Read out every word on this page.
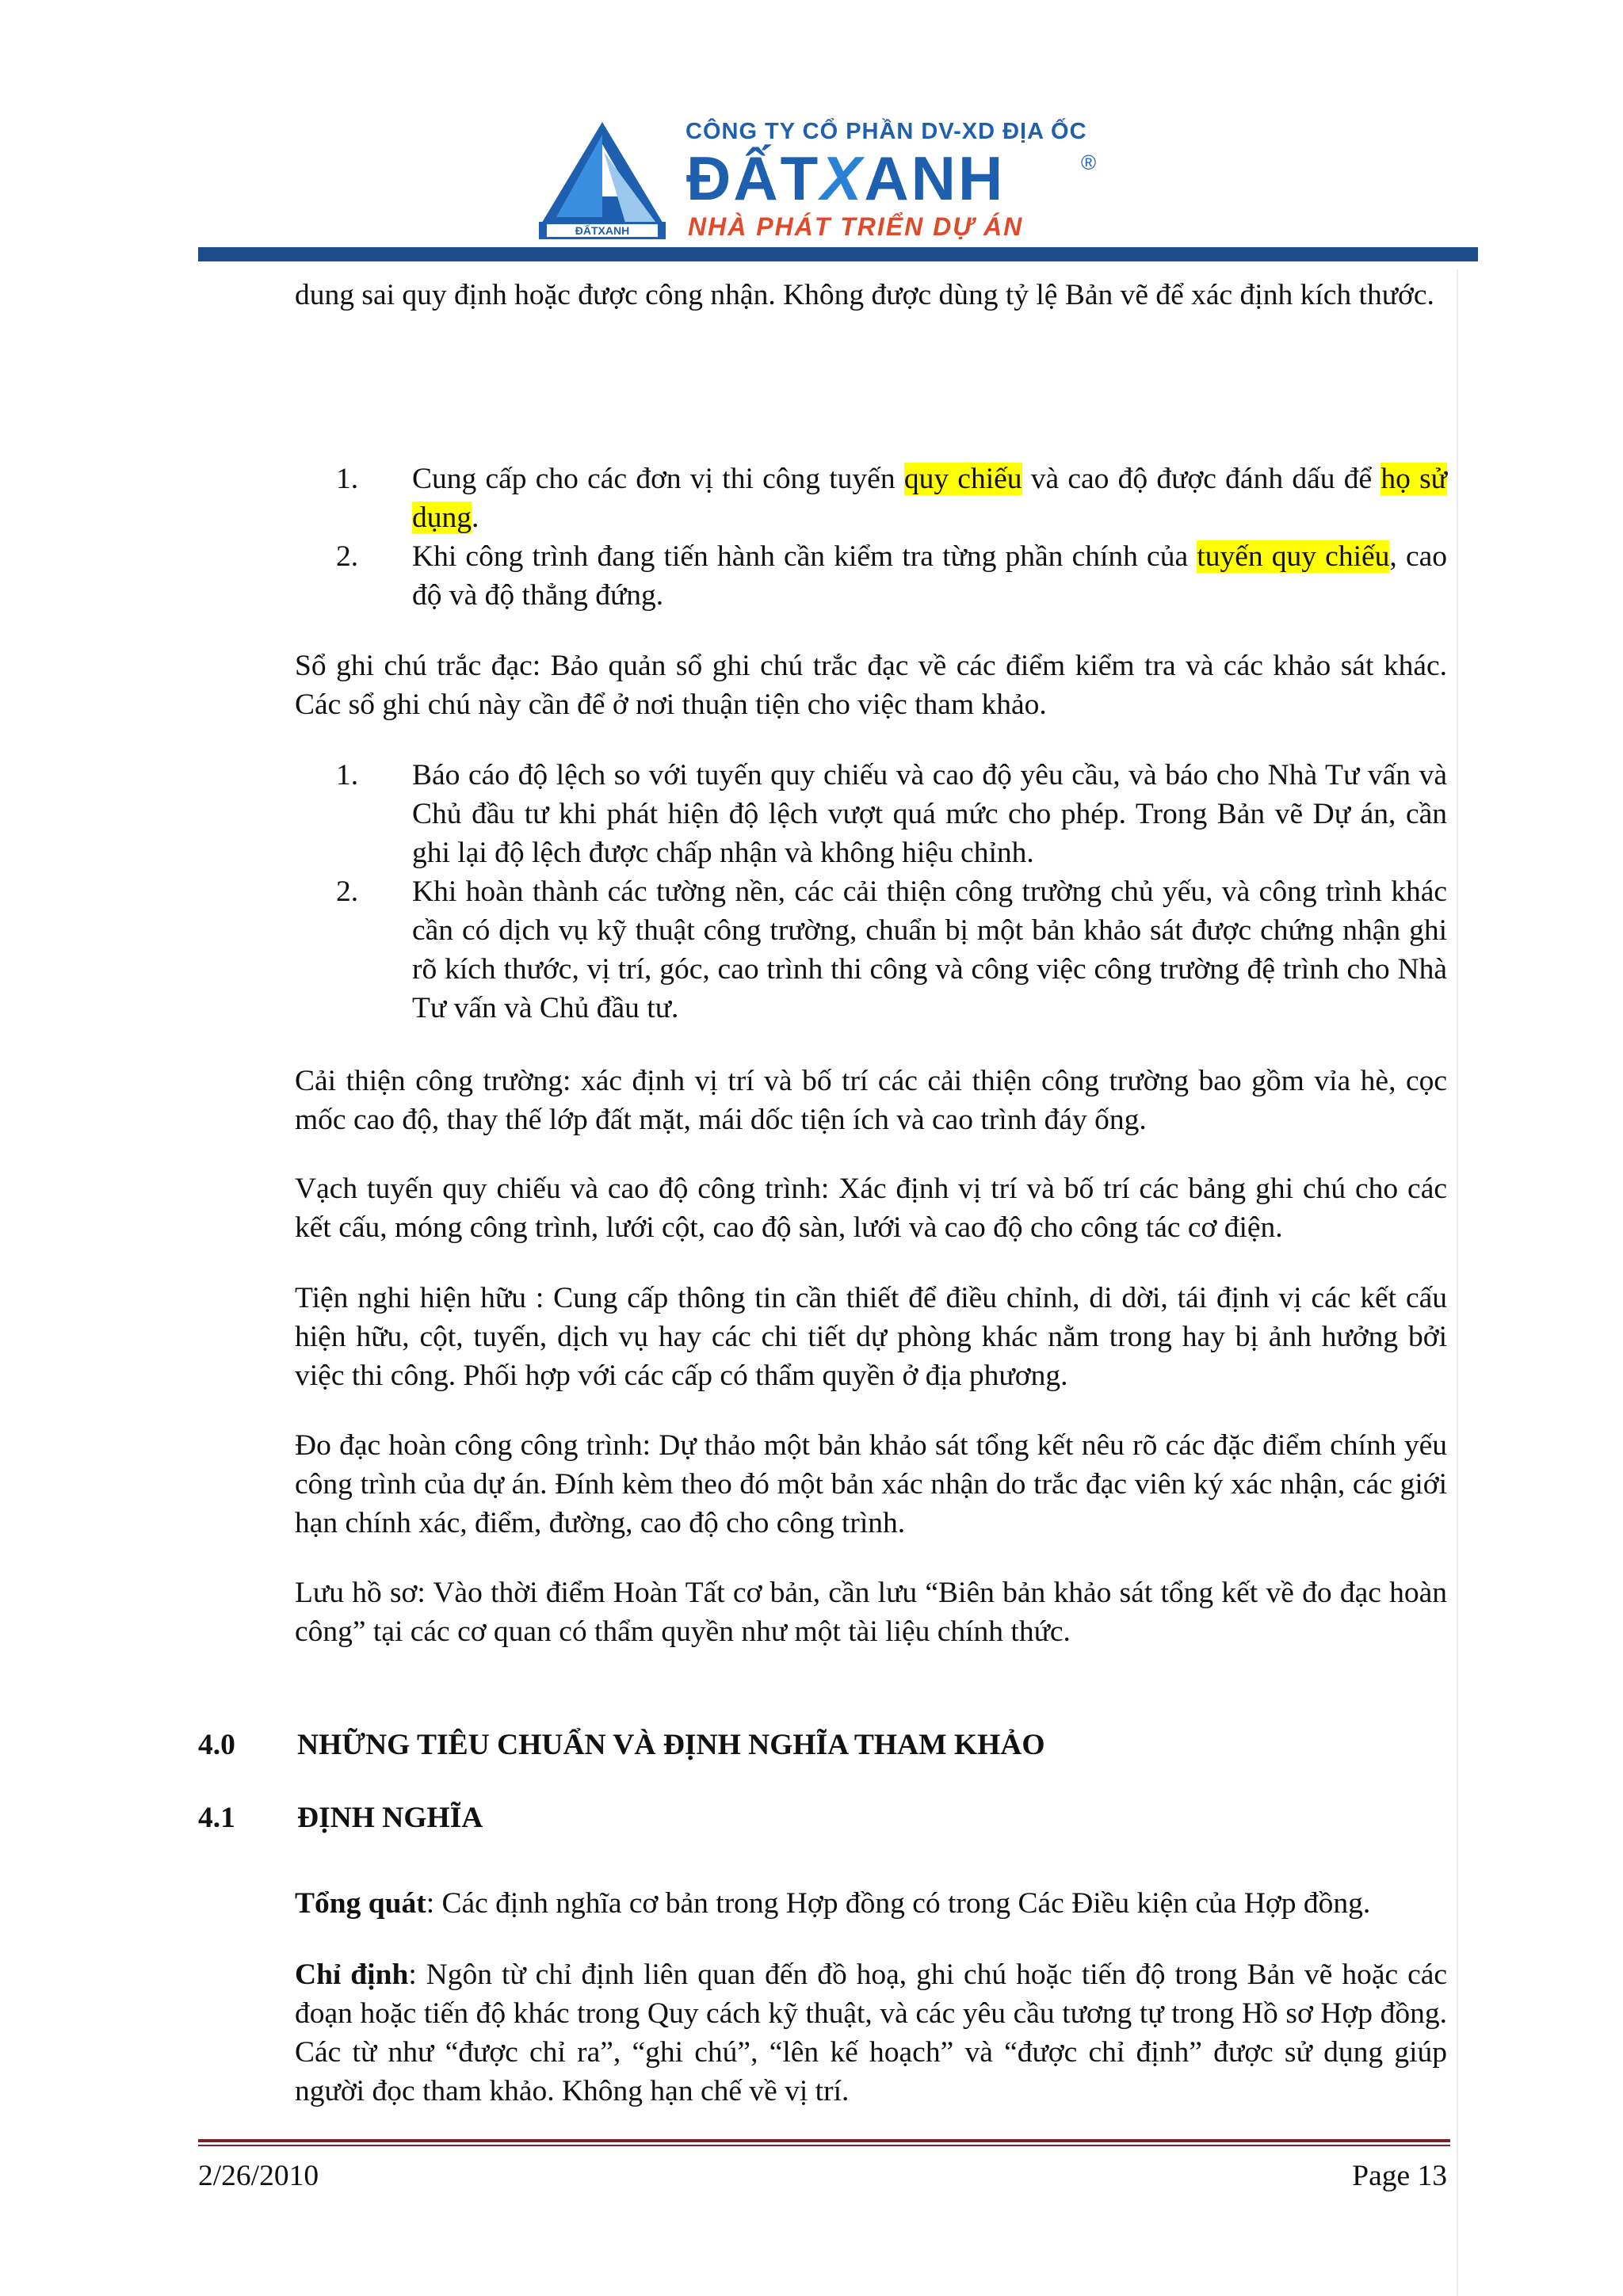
ĐẤTXANH
CÔNG TY CỔ PHẦN DV-XD ĐỊA ỐC
ĐẤTXANH	®
NHÀ PHÁT TRIỂN DỰ ÁN

dung sai quy định hoặc được công nhận. Không được dùng tỷ lệ Bản vẽ để xác định kích thước.

1. Cung cấp cho các đơn vị thi công tuyến quy chiếu và cao độ được đánh dấu để họ sử dụng.
2. Khi công trình đang tiến hành cần kiểm tra từng phần chính của tuyến quy chiếu, cao độ và độ thẳng đứng.

Sổ ghi chú trắc đạc: Bảo quản sổ ghi chú trắc đạc về các điểm kiểm tra và các khảo sát khác. Các sổ ghi chú này cần để ở nơi thuận tiện cho việc tham khảo.

1. Báo cáo độ lệch so với tuyến quy chiếu và cao độ yêu cầu, và báo cho Nhà Tư vấn và Chủ đầu tư khi phát hiện độ lệch vượt quá mức cho phép. Trong Bản vẽ Dự án, cần ghi lại độ lệch được chấp nhận và không hiệu chỉnh.
2. Khi hoàn thành các tường nền, các cải thiện công trường chủ yếu, và công trình khác cần có dịch vụ kỹ thuật công trường, chuẩn bị một bản khảo sát được chứng nhận ghi rõ kích thước, vị trí, góc, cao trình thi công và công việc công trường đệ trình cho Nhà Tư vấn và Chủ đầu tư.

Cải thiện công trường: xác định vị trí và bố trí các cải thiện công trường bao gồm vỉa hè, cọc mốc cao độ, thay thế lớp đất mặt, mái dốc tiện ích và cao trình đáy ống.

Vạch tuyến quy chiếu và cao độ công trình: Xác định vị trí và bố trí các bảng ghi chú cho các kết cấu, móng công trình, lưới cột, cao độ sàn, lưới và cao độ cho công tác cơ điện.

Tiện nghi hiện hữu : Cung cấp thông tin cần thiết để điều chỉnh, di dời, tái định vị các kết cấu hiện hữu, cột, tuyến, dịch vụ hay các chi tiết dự phòng khác nằm trong hay bị ảnh hưởng bởi việc thi công. Phối hợp với các cấp có thẩm quyền ở địa phương.

Đo đạc hoàn công công trình: Dự thảo một bản khảo sát tổng kết nêu rõ các đặc điểm chính yếu công trình của dự án. Đính kèm theo đó một bản xác nhận do trắc đạc viên ký xác nhận, các giới hạn chính xác, điểm, đường, cao độ cho công trình.

Lưu hồ sơ: Vào thời điểm Hoàn Tất cơ bản, cần lưu “Biên bản khảo sát tổng kết về đo đạc hoàn công” tại các cơ quan có thẩm quyền như một tài liệu chính thức.

4.0 NHỮNG TIÊU CHUẨN VÀ ĐỊNH NGHĨA THAM KHẢO
4.1 ĐỊNH NGHĨA

Tổng quát: Các định nghĩa cơ bản trong Hợp đồng có trong Các Điều kiện của Hợp đồng.

Chỉ định: Ngôn từ chỉ định liên quan đến đồ hoạ, ghi chú hoặc tiến độ trong Bản vẽ hoặc các đoạn hoặc tiến độ khác trong Quy cách kỹ thuật, và các yêu cầu tương tự trong Hồ sơ Hợp đồng. Các từ như “được chỉ ra”, “ghi chú”, “lên kế hoạch” và “được chỉ định” được sử dụng giúp người đọc tham khảo. Không hạn chế về vị trí.

2/26/2010	Page 13
